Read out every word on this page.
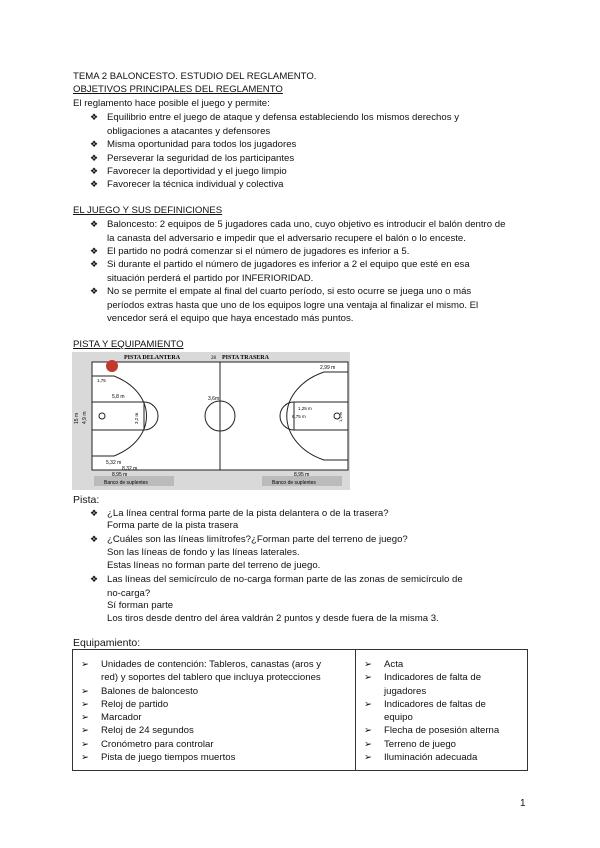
TEMA 2 BALONCESTO. ESTUDIO DEL REGLAMENTO.
OBJETIVOS PRINCIPALES DEL REGLAMENTO
El reglamento hace posible el juego y permite:
❖ Equilibrio entre el juego de ataque y defensa estableciendo los mismos derechos y
obligaciones a atacantes y defensores
❖ Misma oportunidad para todos los jugadores
❖ Perseverar la seguridad de los participantes
❖ Favorecer la deportividad y el juego limpio
❖ Favorecer la técnica individual y colectiva
EL JUEGO Y SUS DEFINICIONES
❖ Baloncesto: 2 equipos de 5 jugadores cada uno, cuyo objetivo es introducir el balón dentro de
la canasta del adversario e impedir que el adversario recupere el balón o lo enceste.
❖ El partido no podrá comenzar si el número de jugadores es inferior a 5.
❖ Si durante el partido el número de jugadores es inferior a 2 el equipo que esté en esa
situación perderá el partido por INFERIORIDAD.
❖ No se permite el empate al final del cuarto período, si esto ocurre se juega uno o más
períodos extras hasta que uno de los equipos logre una ventaja al finalizar el mismo. El
vencedor será el equipo que haya encestado más puntos.
PISTA Y EQUIPAMIENTO
PISTA DELANTERA	28 PISTA TRASERA
1,75
5,8 m	3,6m
2,99 m
15 m 4,9 m	3,2 m
1,25 m
6,75 m	1,2 m
5,32 m
8,32 m
8,95 m	8,95 m
Banco de suplentes	Banco de suplentes
Pista:
❖ ¿La línea central forma parte de la pista delantera o de la trasera?
Forma parte de la pista trasera
❖ ¿Cuáles son las líneas limítrofes?¿Forman parte del terreno de juego?
Son las líneas de fondo y las líneas laterales.
Estas líneas no forman parte del terreno de juego.
❖ Las líneas del semicírculo de no-carga forman parte de las zonas de semicírculo de
no-carga?
Sí forman parte
Los tiros desde dentro del área valdrán 2 puntos y desde fuera de la misma 3.
Equipamiento:
➢ Unidades de contención: Tableros, canastas (aros y
red) y soportes del tablero que incluya protecciones
➢ Balones de baloncesto
➢ Reloj de partido
➢ Marcador
➢ Reloj de 24 segundos
➢ Cronómetro para controlar
➢ Pista de juego tiempos muertos

➢ Acta
➢ Indicadores de falta de
jugadores
➢ Indicadores de faltas de
equipo
➢ Flecha de posesión alterna
➢ Terreno de juego
➢ Iluminación adecuada
1
